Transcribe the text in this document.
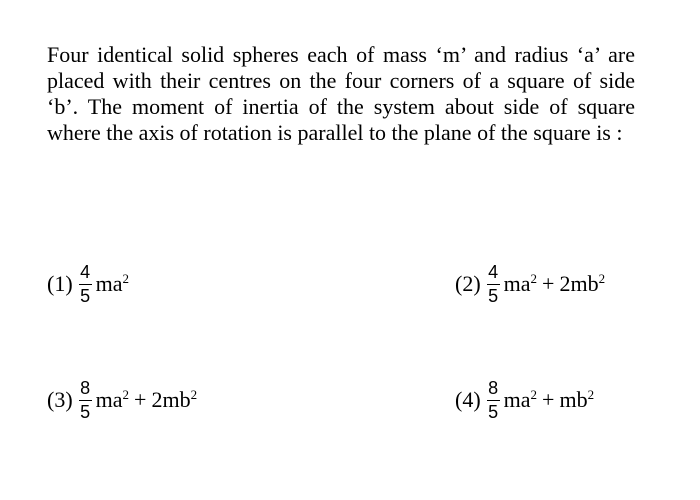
Four identical solid spheres each of mass ‘m’ and radius ‘a’ are placed with their centres on the four corners of a square of side ‘b’. The moment of inertia of the system about side of square where the axis of rotation is parallel to the plane of the square is :

$(1) \frac{4}{5} ma^2$	$(2) \frac{4}{5} ma^2 + 2mb^2$
$(3) \frac{8}{5} ma^2 + 2mb^2$	$(4) \frac{8}{5} ma^2 + mb^2$
